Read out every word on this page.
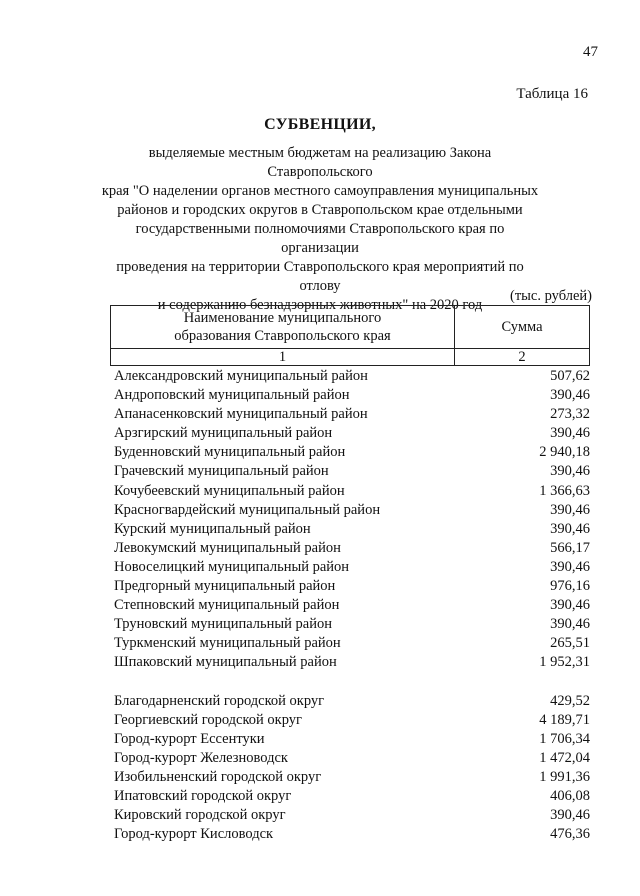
47
Таблица 16
СУБВЕНЦИИ,
выделяемые местным бюджетам на реализацию Закона Ставропольского
края "О наделении органов местного самоуправления муниципальных
районов и городских округов в Ставропольском крае отдельными
государственными полномочиями Ставропольского края по организации
проведения на территории Ставропольского края мероприятий по отлову
и содержанию безнадзорных животных" на 2020 год
(тыс. рублей)
Наименование муниципального
образования Ставропольского края	Сумма
1	2
Александровский муниципальный район	507,62
Андроповский муниципальный район	390,46
Апанасенковский муниципальный район	273,32
Арзгирский муниципальный район	390,46
Буденновский муниципальный район	2 940,18
Грачевский муниципальный район	390,46
Кочубеевский муниципальный район	1 366,63
Красногвардейский муниципальный район	390,46
Курский муниципальный район	390,46
Левокумский муниципальный район	566,17
Новоселицкий муниципальный район	390,46
Предгорный муниципальный район	976,16
Степновский муниципальный район	390,46
Труновский муниципальный район	390,46
Туркменский муниципальный район	265,51
Шпаковский муниципальный район	1 952,31
Благодарненский городской округ	429,52
Георгиевский городской округ	4 189,71
Город-курорт Ессентуки	1 706,34
Город-курорт Железноводск	1 472,04
Изобильненский городской округ	1 991,36
Ипатовский городской округ	406,08
Кировский городской округ	390,46
Город-курорт Кисловодск	476,36
